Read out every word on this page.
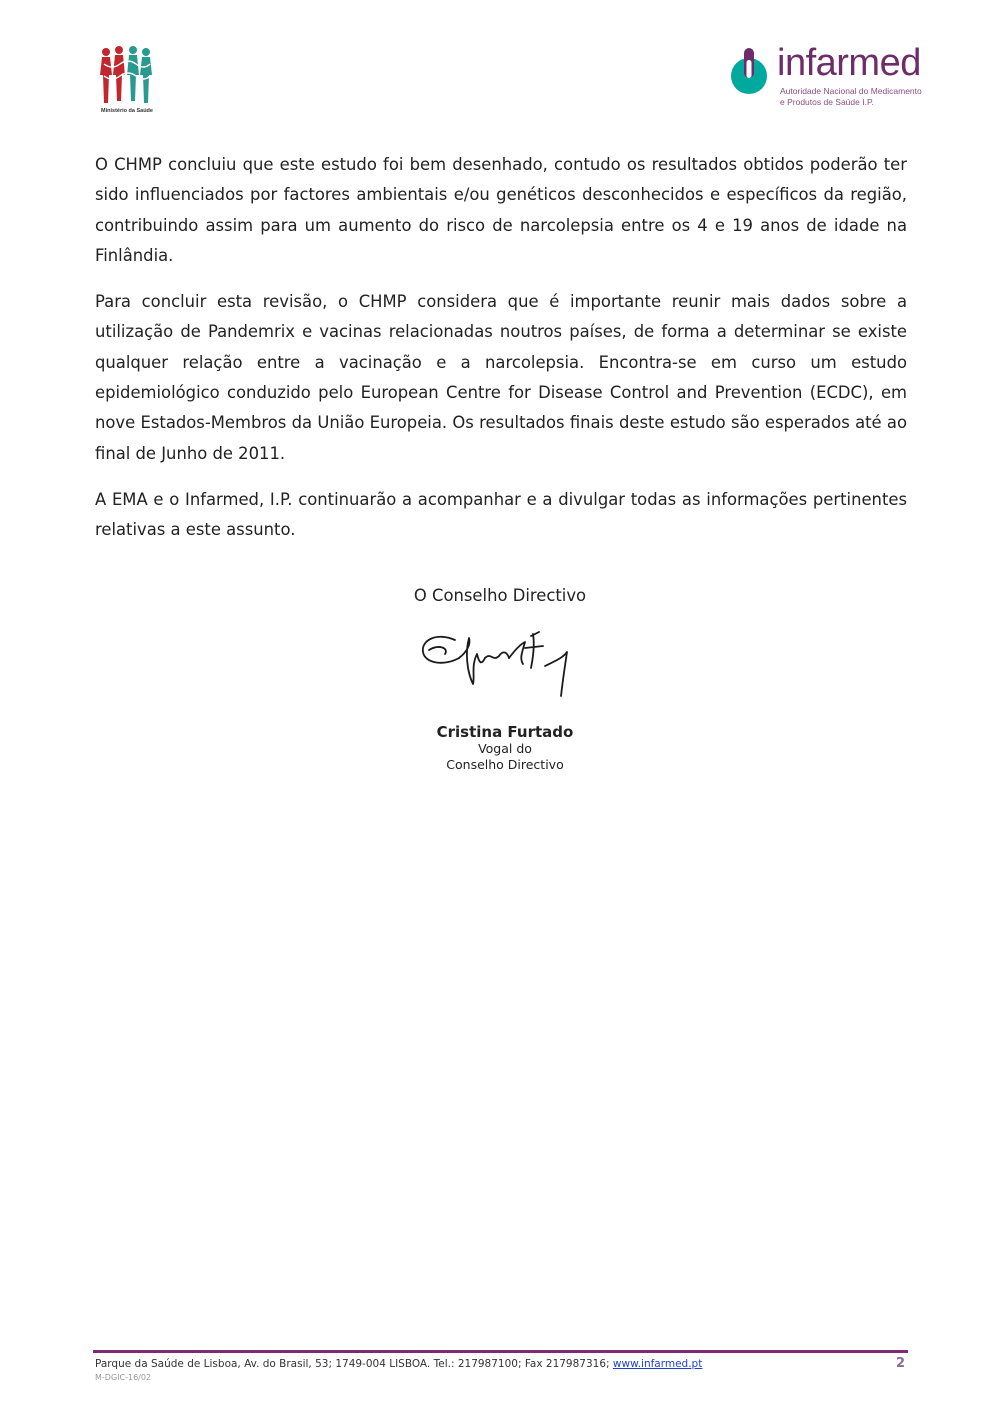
Ministério da Saúde
infarmed
Autoridade Nacional do Medicamento
e Produtos de Saúde I.P.

O CHMP concluiu que este estudo foi bem desenhado, contudo os resultados obtidos poderão ter sido influenciados por factores ambientais e/ou genéticos desconhecidos e específicos da região, contribuindo assim para um aumento do risco de narcolepsia entre os 4 e 19 anos de idade na Finlândia.

Para concluir esta revisão, o CHMP considera que é importante reunir mais dados sobre a utilização de Pandemrix e vacinas relacionadas noutros países, de forma a determinar se existe qualquer relação entre a vacinação e a narcolepsia. Encontra-se em curso um estudo epidemiológico conduzido pelo European Centre for Disease Control and Prevention (ECDC), em nove Estados-Membros da União Europeia. Os resultados finais deste estudo são esperados até ao final de Junho de 2011.

A EMA e o Infarmed, I.P. continuarão a acompanhar e a divulgar todas as informações pertinentes relativas a este assunto.

O Conselho Directivo
Cristina Furtado
Vogal do
Conselho Directivo
Parque da Saúde de Lisboa, Av. do Brasil, 53; 1749-004 LISBOA. Tel.: 217987100; Fax 217987316; www.infarmed.pt
M-DGIC-16/02
2
